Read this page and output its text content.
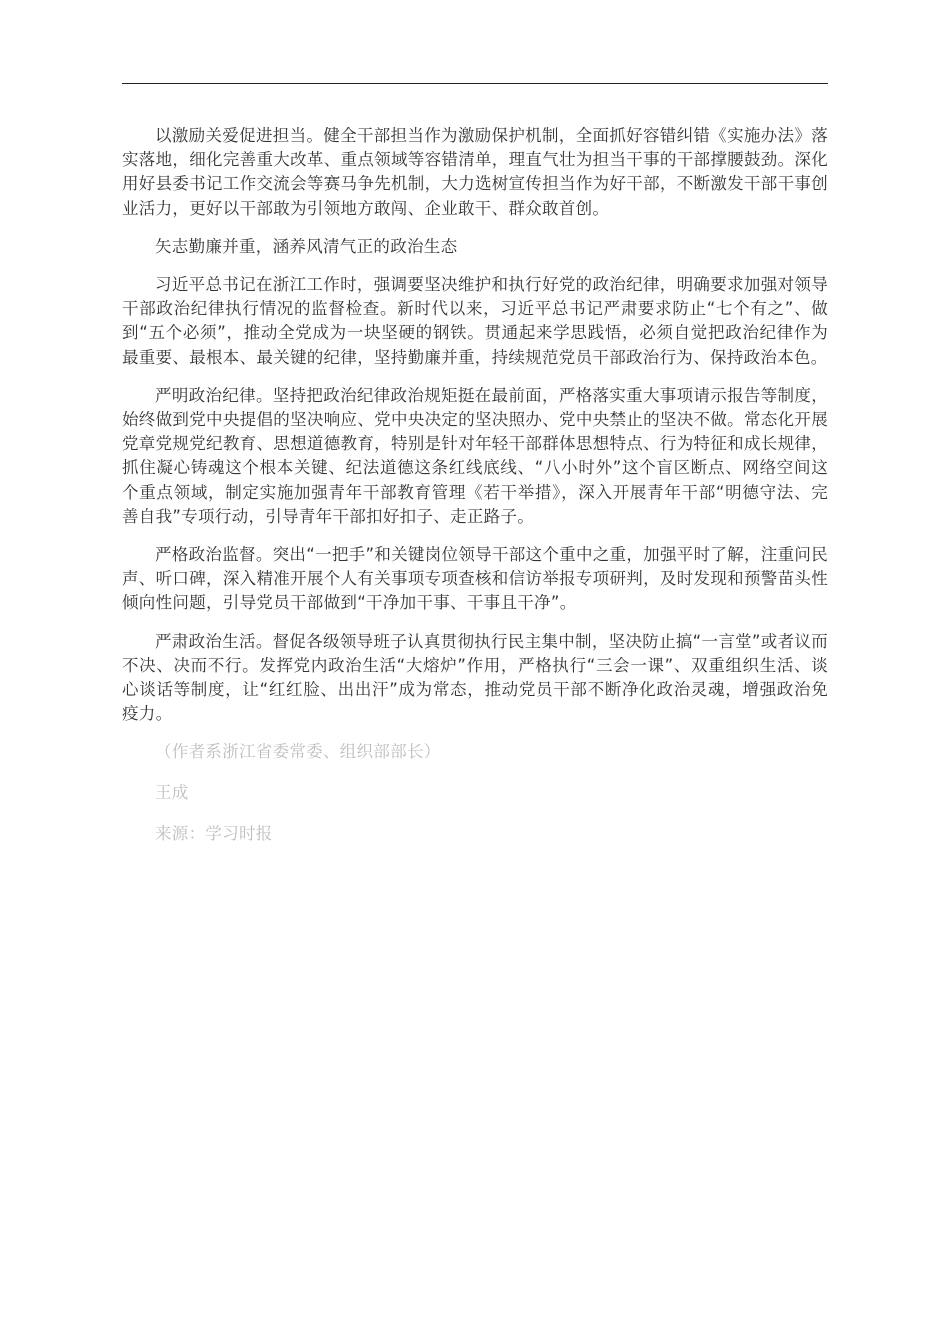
以激励关爱促进担当。健全干部担当作为激励保护机制，全面抓好容错纠错《实施办法》落实落地，细化完善重大改革、重点领域等容错清单，理直气壮为担当干事的干部撑腰鼓劲。深化用好县委书记工作交流会等赛马争先机制，大力选树宣传担当作为好干部，不断激发干部干事创业活力，更好以干部敢为引领地方敢闯、企业敢干、群众敢首创。

矢志勤廉并重，涵养风清气正的政治生态

习近平总书记在浙江工作时，强调要坚决维护和执行好党的政治纪律，明确要求加强对领导干部政治纪律执行情况的监督检查。新时代以来，习近平总书记严肃要求防止“七个有之”、做到“五个必须”，推动全党成为一块坚硬的钢铁。贯通起来学思践悟，必须自觉把政治纪律作为最重要、最根本、最关键的纪律，坚持勤廉并重，持续规范党员干部政治行为、保持政治本色。

严明政治纪律。坚持把政治纪律政治规矩挺在最前面，严格落实重大事项请示报告等制度，始终做到党中央提倡的坚决响应、党中央决定的坚决照办、党中央禁止的坚决不做。常态化开展党章党规党纪教育、思想道德教育，特别是针对年轻干部群体思想特点、行为特征和成长规律，抓住凝心铸魂这个根本关键、纪法道德这条红线底线、“八小时外”这个盲区断点、网络空间这个重点领域，制定实施加强青年干部教育管理《若干举措》，深入开展青年干部“明德守法、完善自我”专项行动，引导青年干部扣好扣子、走正路子。

严格政治监督。突出“一把手”和关键岗位领导干部这个重中之重，加强平时了解，注重问民声、听口碑，深入精准开展个人有关事项专项查核和信访举报专项研判，及时发现和预警苗头性倾向性问题，引导党员干部做到“干净加干事、干事且干净”。

严肃政治生活。督促各级领导班子认真贯彻执行民主集中制，坚决防止搞“一言堂”或者议而不决、决而不行。发挥党内政治生活“大熔炉”作用，严格执行“三会一课”、双重组织生活、谈心谈话等制度，让“红红脸、出出汗”成为常态，推动党员干部不断净化政治灵魂，增强政治免疫力。

（作者系浙江省委常委、组织部部长）

王成

来源：学习时报
